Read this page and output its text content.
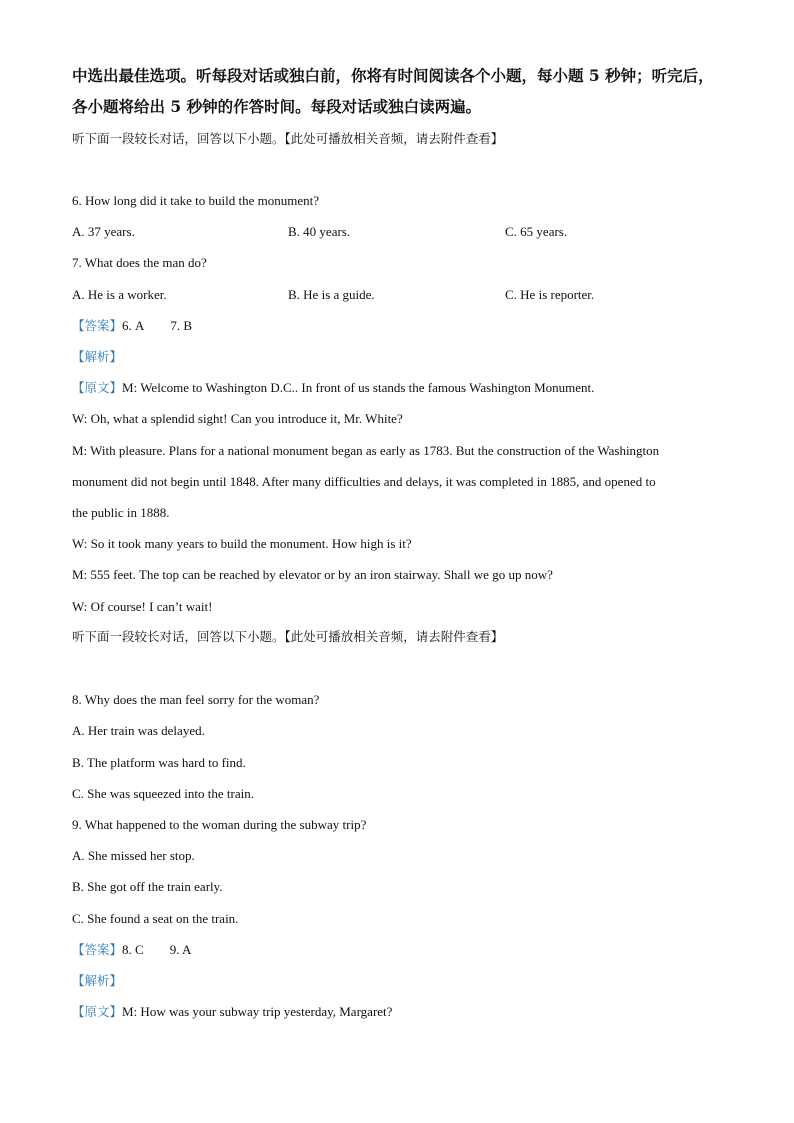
中选出最佳选项。听每段对话或独白前，你将有时间阅读各个小题，每小题 5 秒钟；听完后，
各小题将给出 5 秒钟的作答时间。每段对话或独白读两遍。
听下面一段较长对话，回答以下小题。【此处可播放相关音频，请去附件查看】
6. How long did it take to build the monument?
A. 37 years.	B. 40 years.	C. 65 years.
7. What does the man do?
A. He is a worker.	B. He is a guide.	C. He is reporter.
【答案】6. A 7. B
【解析】
【原文】M: Welcome to Washington D.C.. In front of us stands the famous Washington Monument.
W: Oh, what a splendid sight! Can you introduce it, Mr. White?
M: With pleasure. Plans for a national monument began as early as 1783. But the construction of the Washington
monument did not begin until 1848. After many difficulties and delays, it was completed in 1885, and opened to
the public in 1888.
W: So it took many years to build the monument. How high is it?
M: 555 feet. The top can be reached by elevator or by an iron stairway. Shall we go up now?
W: Of course! I can’t wait!
听下面一段较长对话，回答以下小题。【此处可播放相关音频，请去附件查看】
8. Why does the man feel sorry for the woman?
A. Her train was delayed.
B. The platform was hard to find.
C. She was squeezed into the train.
9. What happened to the woman during the subway trip?
A. She missed her stop.
B. She got off the train early.
C. She found a seat on the train.
【答案】8. C 9. A
【解析】
【原文】M: How was your subway trip yesterday, Margaret?
